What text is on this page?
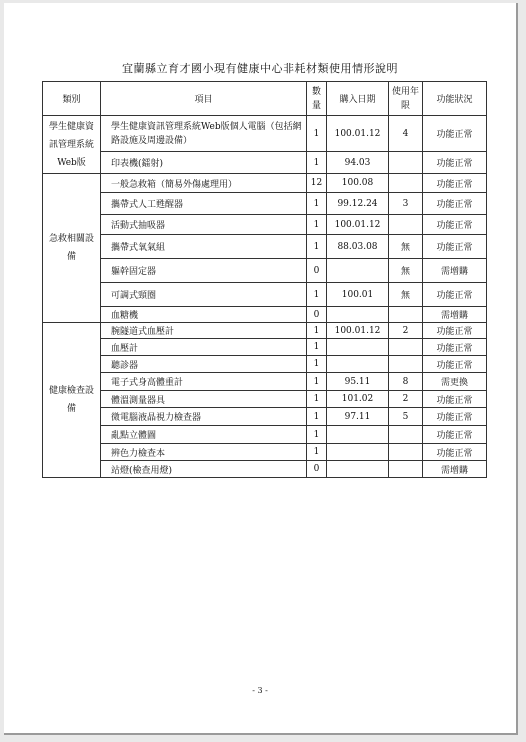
宜蘭縣立育才國小現有健康中心非耗材類使用情形說明
類別	項目	數量	購入日期	使用年限	功能狀況
學生健康資訊管理系統Web版	學生健康資訊管理系統Web版個人電腦（包括網路設施及周邊設備）	1	100.01.12	4	功能正常
	印表機(鐳射)	1	94.03		功能正常
急救相關設備	一般急救箱（簡易外傷處理用）	12	100.08		功能正常
	攜帶式人工甦醒器	1	99.12.24	3	功能正常
	活動式抽吸器	1	100.01.12		功能正常
	攜帶式氧氣組	1	88.03.08	無	功能正常
	軀幹固定器	0		無	需增購
	可調式頸圈	1	100.01	無	功能正常
	血糖機	0			需增購
健康檢查設備	腕隧道式血壓計	1	100.01.12	2	功能正常
	血壓計	1			功能正常
	聽診器	1			功能正常
	電子式身高體重計	1	95.11	8	需更換
	體溫測量器具	1	101.02	2	功能正常
	微電腦液晶視力檢查器	1	97.11	5	功能正常
	亂點立體圖	1			功能正常
	辨色力檢查本	1			功能正常
	站燈(檢查用燈)	0			需增購
- 3 -
